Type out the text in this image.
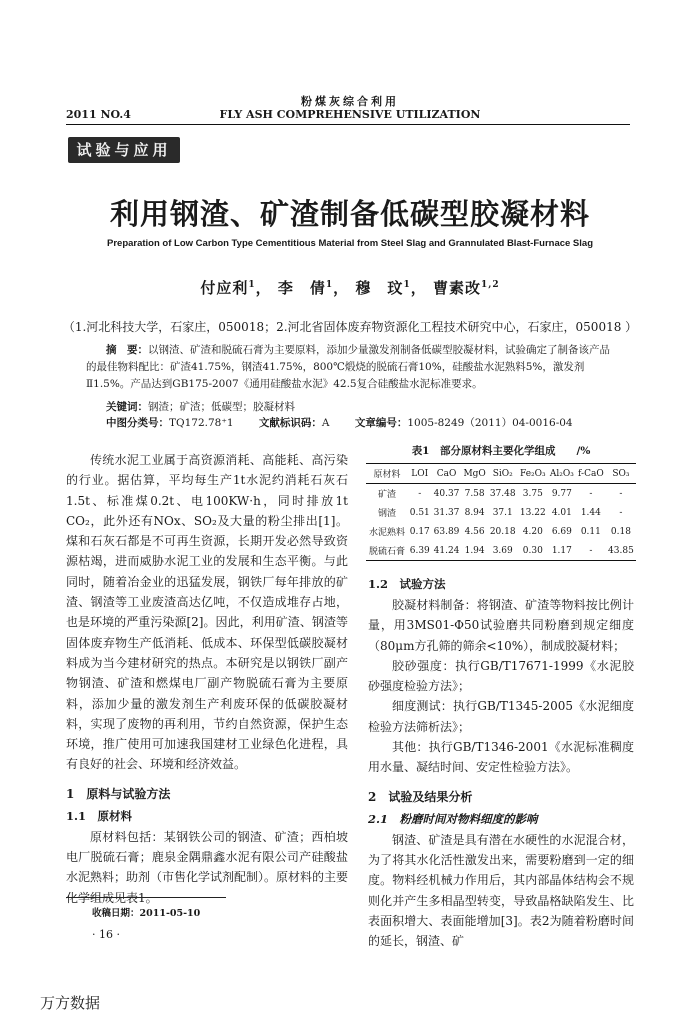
粉煤灰综合利用
2011 NO.4	FLY ASH COMPREHENSIVE UTILIZATION
试验与应用
利用钢渣、矿渣制备低碳型胶凝材料
Preparation of Low Carbon Type Cementitious Material from Steel Slag and Grannulated Blast-Furnace Slag
付应利$^1$， 李　倩$^1$， 穆　玟$^1$， 曹素改$^{1,2}$
（1.河北科技大学，石家庄，050018；2.河北省固体废弃物资源化工程技术研究中心，石家庄，050018 ）
摘　要：以钢渣、矿渣和脱硫石膏为主要原料，添加少量激发剂制备低碳型胶凝材料，试验确定了制备该产品的最佳物料配比：矿渣41.75%，钢渣41.75%，800℃煅烧的脱硫石膏10%，硅酸盐水泥熟料5%，激发剂Ⅱ1.5%。产品达到GB175-2007《通用硅酸盐水泥》42.5复合硅酸盐水泥标准要求。
关键词：钢渣；矿渣；低碳型；胶凝材料
中图分类号：TQ172.78⁺1 文献标识码：A 文章编号：1005-8249（2011）04-0016-04

传统水泥工业属于高资源消耗、高能耗、高污染的行业。据估算，平均每生产1t水泥约消耗石灰石1.5t、标准煤0.2t、电100KW·h，同时排放1t CO₂，此外还有NOx、SO₂及大量的粉尘排出[1]。煤和石灰石都是不可再生资源，长期开发必然导致资源枯竭，进而威胁水泥工业的发展和生态平衡。与此同时，随着冶金业的迅猛发展，钢铁厂每年排放的矿渣、钢渣等工业废渣高达亿吨，不仅造成堆存占地，也是环境的严重污染源[2]。因此，利用矿渣、钢渣等固体废弃物生产低消耗、低成本、环保型低碳胶凝材料成为当今建材研究的热点。本研究是以钢铁厂副产物钢渣、矿渣和燃煤电厂副产物脱硫石膏为主要原料，添加少量的激发剂生产利废环保的低碳胶凝材料，实现了废物的再利用，节约自然资源，保护生态环境，推广使用可加速我国建材工业绿色化进程，具有良好的社会、环境和经济效益。

1　原料与试验方法
1.1　原材料

原材料包括：某钢铁公司的钢渣、矿渣；西柏坡电厂脱硫石膏；鹿泉金隅鼎鑫水泥有限公司产硅酸盐水泥熟料；助剂（市售化学试剂配制）。原材料的主要化学组成见表1。

表1　部分原材料主要化学组成　　/%
原材料	LOI	CaO	MgO	SiO₂	Fe₂O₃	Al₂O₃	f-CaO	SO₃
矿渣	-	40.37	7.58	37.48	3.75	9.77	-	-
钢渣	0.51	31.37	8.94	37.1	13.22	4.01	1.44	-
水泥熟料	0.17	63.89	4.56	20.18	4.20	6.69	0.11	0.18
脱硫石膏	6.39	41.24	1.94	3.69	0.30	1.17	-	43.85
1.2　试验方法

胶凝材料制备：将钢渣、矿渣等物料按比例计量，用3MS01-Φ50试验磨共同粉磨到规定细度（80μm方孔筛的筛余<10%），制成胶凝材料；

胶砂强度：执行GB/T17671-1999《水泥胶砂强度检验方法》；

细度测试：执行GB/T1345-2005《水泥细度检验方法筛析法》；

其他：执行GB/T1346-2001《水泥标准稠度用水量、凝结时间、安定性检验方法》。

2　试验及结果分析
2.1　粉磨时间对物料细度的影响

钢渣、矿渣是具有潜在水硬性的水泥混合材，为了将其水化活性激发出来，需要粉磨到一定的细度。物料经机械力作用后，其内部晶体结构会不规则化并产生多相晶型转变，导致晶格缺陷发生、比表面积增大、表面能增加[3]。表2为随着粉磨时间的延长，钢渣、矿

收稿日期：2011-05-10
· 16 ·
万方数据
